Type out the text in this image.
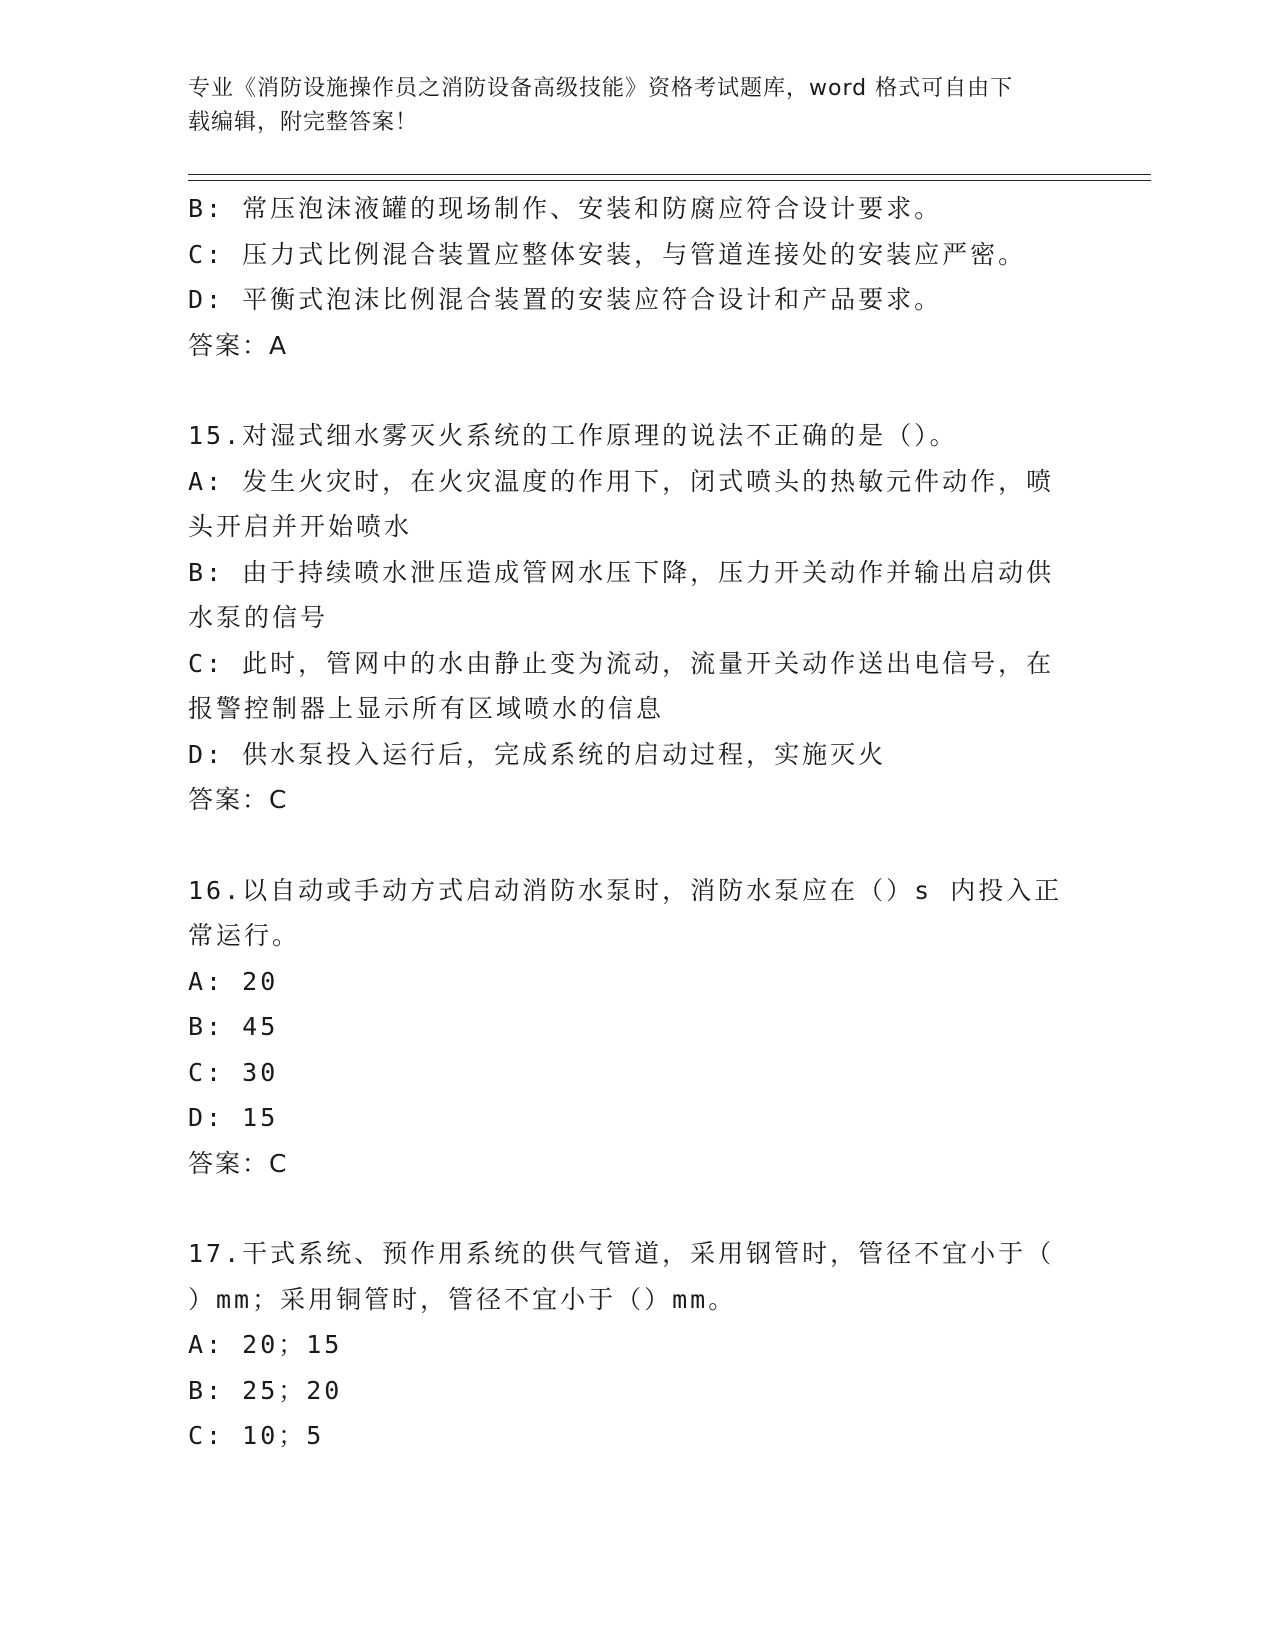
专业《消防设施操作员之消防设备高级技能》资格考试题库，word 格式可自由下
载编辑，附完整答案！
B: 常压泡沫液罐的现场制作、安装和防腐应符合设计要求。
C: 压力式比例混合装置应整体安装，与管道连接处的安装应严密。
D: 平衡式泡沫比例混合装置的安装应符合设计和产品要求。
答案：A
15.对湿式细水雾灭火系统的工作原理的说法不正确的是（）。
A: 发生火灾时，在火灾温度的作用下，闭式喷头的热敏元件动作，喷
头开启并开始喷水
B: 由于持续喷水泄压造成管网水压下降，压力开关动作并输出启动供
水泵的信号
C: 此时，管网中的水由静止变为流动，流量开关动作送出电信号，在
报警控制器上显示所有区域喷水的信息
D: 供水泵投入运行后，完成系统的启动过程，实施灭火
答案：C
16.以自动或手动方式启动消防水泵时，消防水泵应在（）s 内投入正
常运行。
A: 20
B: 45
C: 30
D: 15
答案：C
17.干式系统、预作用系统的供气管道，采用钢管时，管径不宜小于（
）mm；采用铜管时，管径不宜小于（）mm。
A: 20；15
B: 25；20
C: 10；5
